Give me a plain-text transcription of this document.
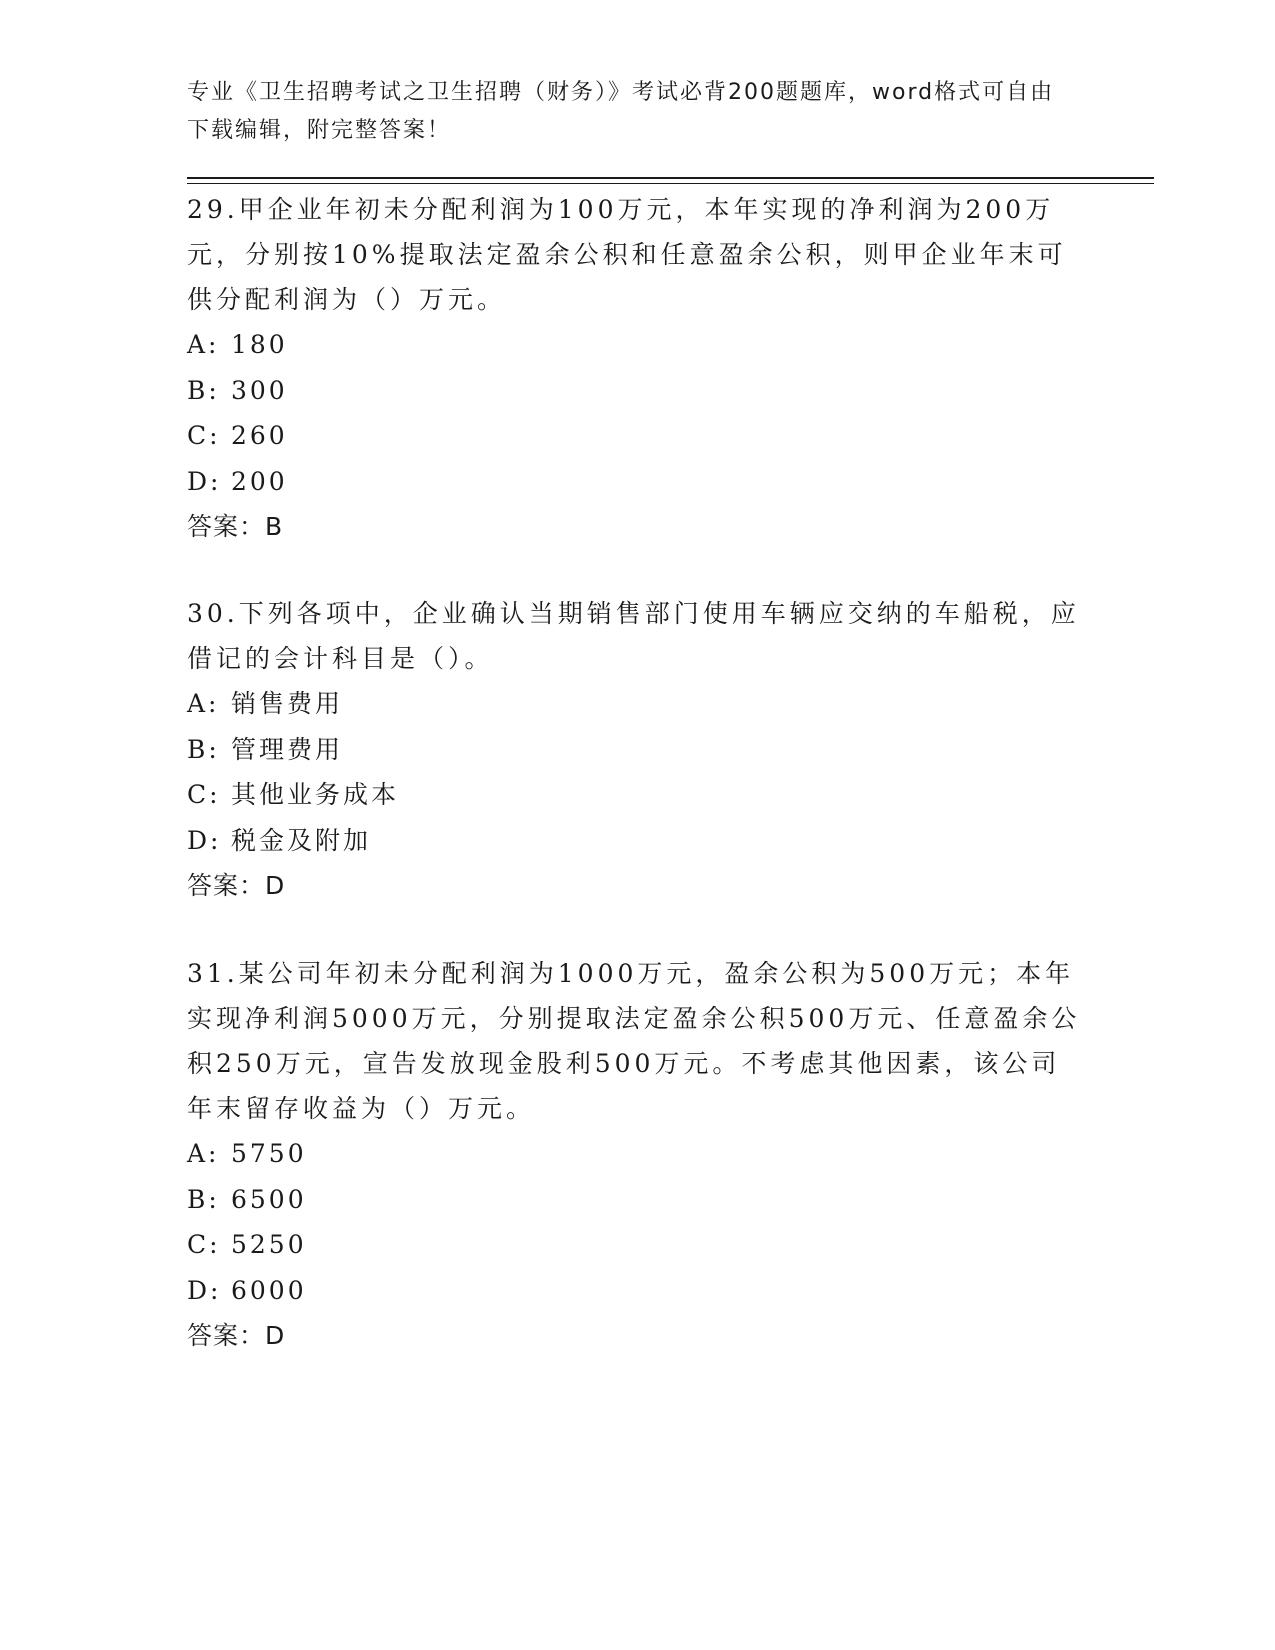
专业《卫生招聘考试之卫生招聘（财务）》考试必背200题题库，word格式可自由下载编辑，附完整答案！

29.甲企业年初未分配利润为100万元，本年实现的净利润为200万元，分别按10%提取法定盈余公积和任意盈余公积，则甲企业年末可供分配利润为（）万元。

A: 180

B: 300

C: 260

D: 200

答案：B

30.下列各项中，企业确认当期销售部门使用车辆应交纳的车船税，应借记的会计科目是（）。

A: 销售费用

B: 管理费用

C: 其他业务成本

D: 税金及附加

答案：D

31.某公司年初未分配利润为1000万元，盈余公积为500万元；本年实现净利润5000万元，分别提取法定盈余公积500万元、任意盈余公积250万元，宣告发放现金股利500万元。不考虑其他因素，该公司年末留存收益为（）万元。

A: 5750

B: 6500

C: 5250

D: 6000

答案：D
